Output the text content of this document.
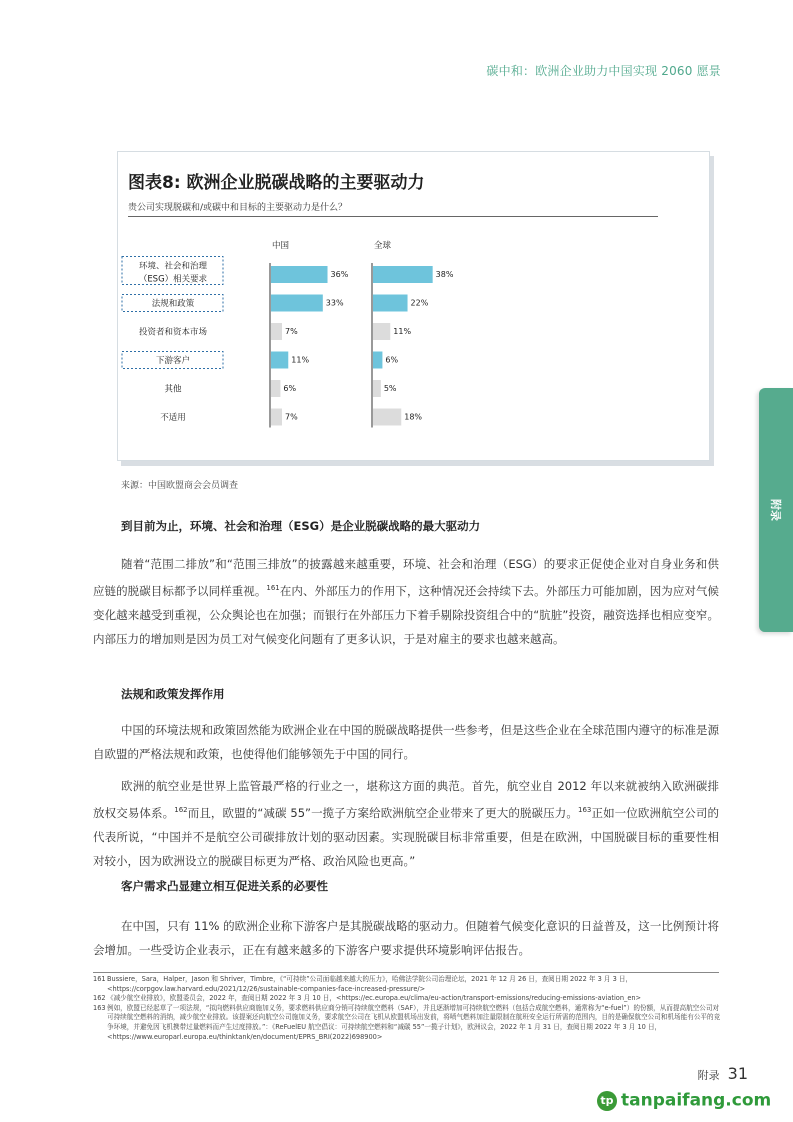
碳中和：欧洲企业助力中国实现 2060 愿景
附录
图表8: 欧洲企业脱碳战略的主要驱动力
贵公司实现脱碳和/或碳中和目标的主要驱动力是什么？
环境、社会和治理
（ESG）相关要求
法规和政策
投资者和资本市场
下游客户
其他
不适用
中国
36%
33%
7%
11%
6%
7%
全球
38%
22%
11%
6%
5%
18%
来源：中国欧盟商会会员调查
到目前为止，环境、社会和治理（ESG）是企业脱碳战略的最大驱动力

随着“范围二排放”和“范围三排放”的披露越来越重要，环境、社会和治理（ESG）的要求正促使企业对自身业务和供应链的脱碳目标都予以同样重视。$^{161}$在内、外部压力的作用下，这种情况还会持续下去。外部压力可能加剧，因为应对气候变化越来越受到重视，公众舆论也在加强；而银行在外部压力下着手剔除投资组合中的“肮脏”投资，融资选择也相应变窄。内部压力的增加则是因为员工对气候变化问题有了更多认识，于是对雇主的要求也越来越高。

法规和政策发挥作用

中国的环境法规和政策固然能为欧洲企业在中国的脱碳战略提供一些参考，但是这些企业在全球范围内遵守的标准是源自欧盟的严格法规和政策，也使得他们能够领先于中国的同行。

欧洲的航空业是世界上监管最严格的行业之一，堪称这方面的典范。首先，航空业自 2012 年以来就被纳入欧洲碳排放权交易体系。$^{162}$而且，欧盟的“减碳 55”一揽子方案给欧洲航空企业带来了更大的脱碳压力。$^{163}$正如一位欧洲航空公司的代表所说，“中国并不是航空公司碳排放计划的驱动因素。实现脱碳目标非常重要，但是在欧洲，中国脱碳目标的重要性相对较小，因为欧洲设立的脱碳目标更为严格、政治风险也更高。”

客户需求凸显建立相互促进关系的必要性

在中国，只有 11% 的欧洲企业称下游客户是其脱碳战略的驱动力。但随着气候变化意识的日益普及，这一比例预计将会增加。一些受访企业表示，正在有越来越多的下游客户要求提供环境影响评估报告。

161 Bussiere，Sara，Halper，Jason 和 Shriver，Timbre，《“可持续”公司面临越来越大的压力》，哈佛法学院公司治理论坛，2021 年 12 月 26 日，查阅日期 2022 年 3 月 3 日，<https://corpgov.law.harvard.edu/2021/12/26/sustainable-companies-face-increased-pressure/>
162 《减少航空业排放》，欧盟委员会，2022 年，查阅日期 2022 年 3 月 10 日，<https://ec.europa.eu/clima/eu-action/transport-emissions/reducing-emissions-aviation_en>
163 例如，欧盟已经起草了一项法规，“拟向燃料供应商施加义务，要求燃料供应商分销可持续航空燃料（SAF），并且逐渐增加可持续航空燃料（包括合成航空燃料，通常称为“e-fuel”）的份额，从而提高航空公司对可持续航空燃料的消纳，减少航空业排放。该提案还向航空公司施加义务，要求航空公司在飞机从欧盟机场出发前，将喷气燃料加注量限制在航班安全运行所需的范围内，目的是确保航空公司和机场能有公平的竞争环境，并避免因飞机携带过量燃料而产生过度排放。”：《ReFuelEU 航空倡议：可持续航空燃料和“减碳 55”一揽子计划》，欧洲议会，2022 年 1 月 31 日，查阅日期 2022 年 3 月 10 日，<https://www.europarl.europa.eu/thinktank/en/document/EPRS_BRI(2022)698900>
附录 31
tp tanpaifang.com
